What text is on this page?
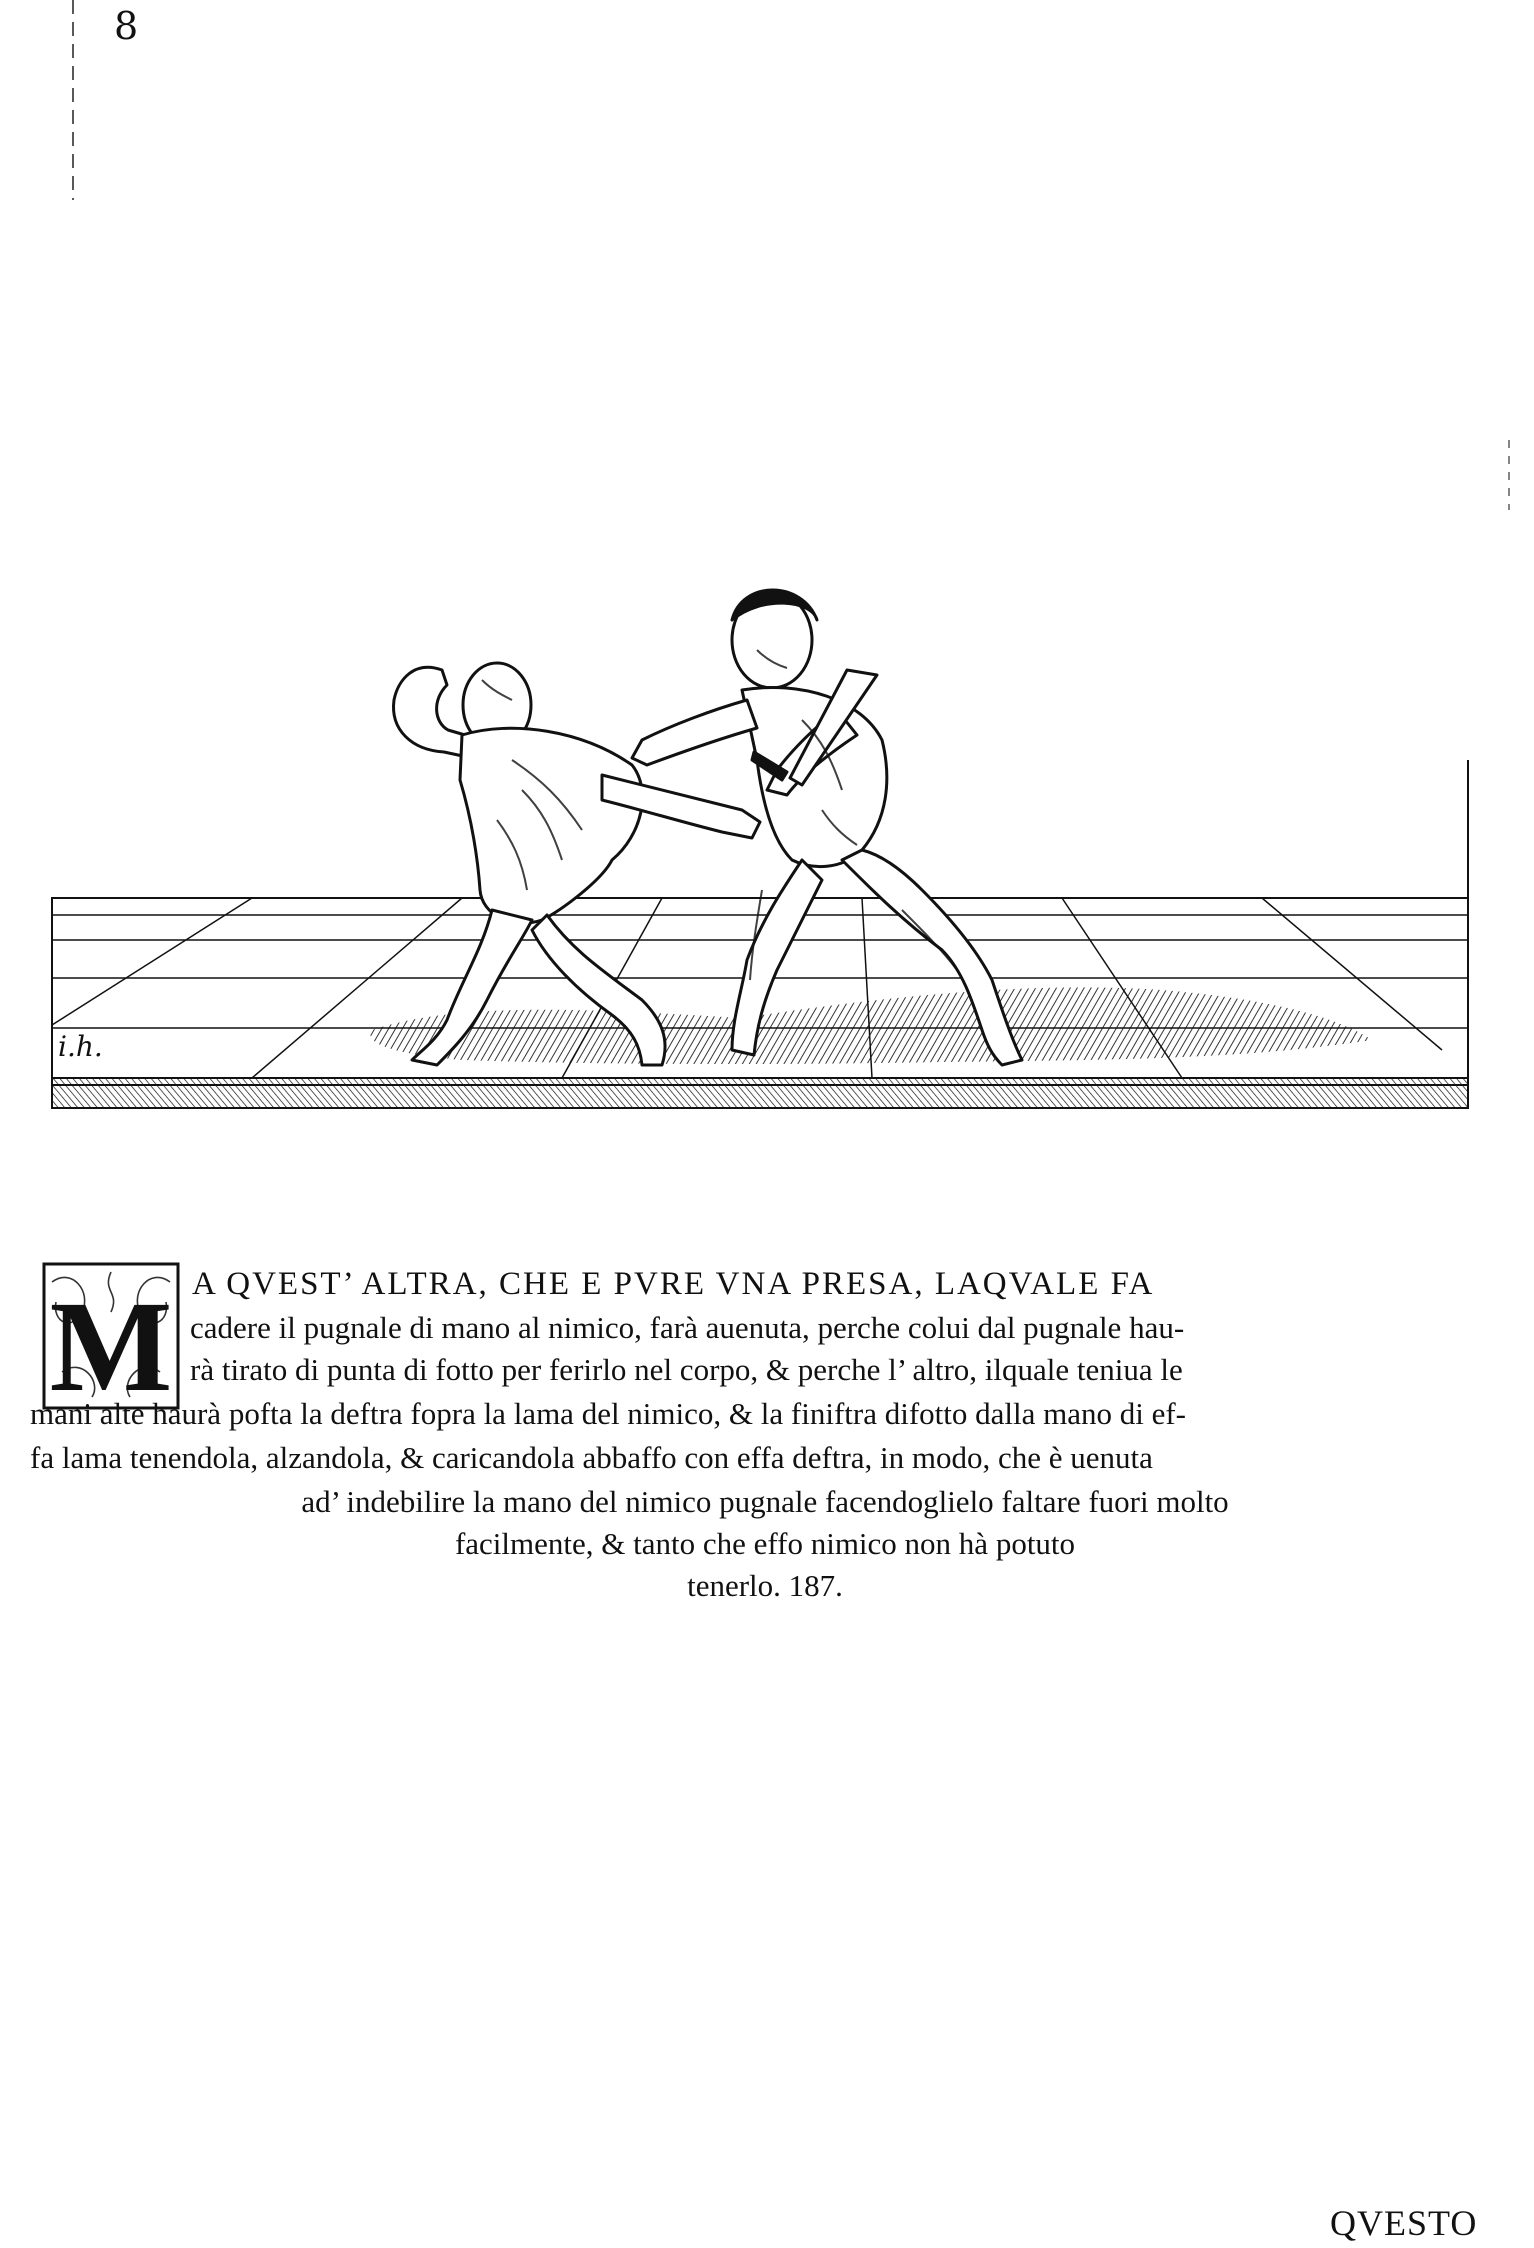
8
i.h.
M A QVEST’ ALTRA, CHE E PVRE VNA PRESA, LAQVALE FA
cadere il pugnale di mano al nimico, farà auenuta, perche colui dal pugnale hau-
rà tirato di punta di fotto per ferirlo nel corpo, & perche l’ altro, ilquale teniua le
mani alte haurà pofta la deftra fopra la lama del nimico, & la finiftra difotto dalla mano di ef-
fa lama tenendola, alzandola, & caricandola abbaffo con effa deftra, in modo, che è uenuta
ad’ indebilire la mano del nimico pugnale facendoglielo faltare fuori molto
facilmente, & tanto che effo nimico non hà potuto
tenerlo. 187.
QVESTO
